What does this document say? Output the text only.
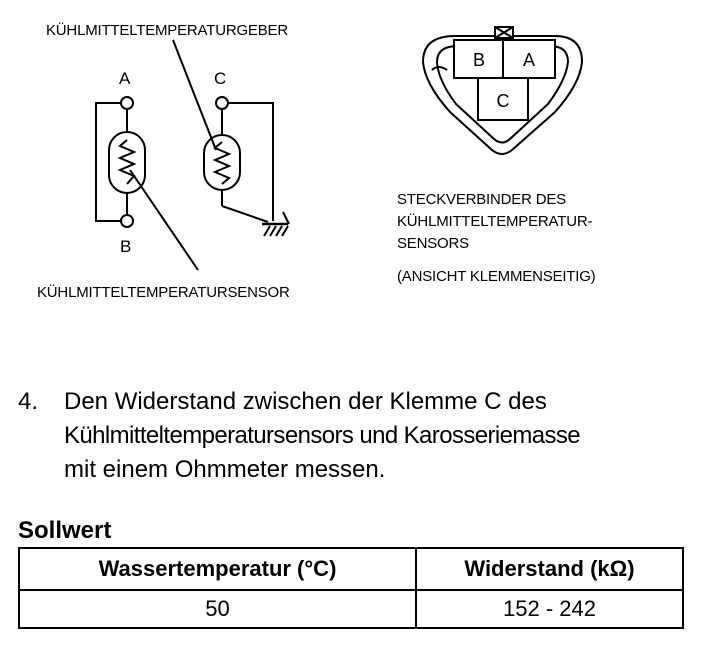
B A
C
KÜHLMITTELTEMPERATURGEBER
A	C
B
KÜHLMITTELTEMPERATURSENSOR
STECKVERBINDER DES
KÜHLMITTELTEMPERATUR-
SENSORS
(ANSICHT KLEMMENSEITIG)
4. Den Widerstand zwischen der Klemme C des
Kühlmitteltemperatursensors und Karosseriemasse
mit einem Ohmmeter messen.
Sollwert
Wassertemperatur (°C)	Widerstand (kΩ)
50	152 - 242
